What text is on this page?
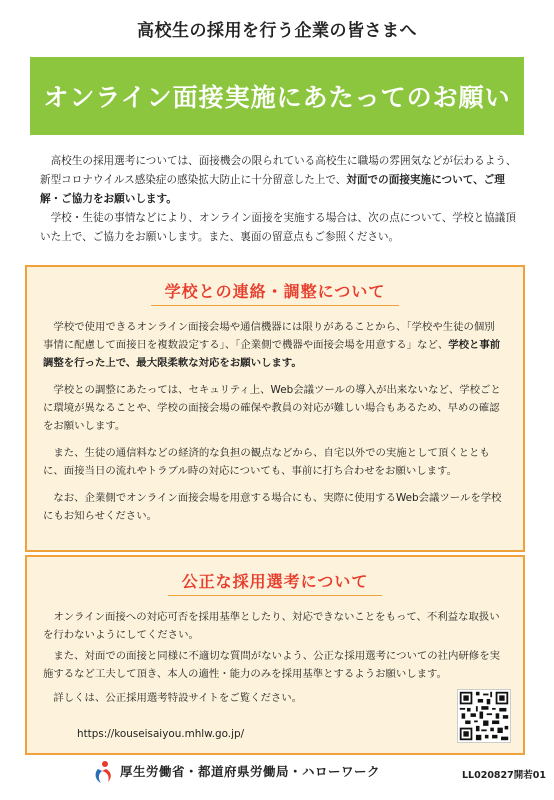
高校生の採用を行う企業の皆さまへ
オンライン面接実施にあたってのお願い

高校生の採用選考については、面接機会の限られている高校生に職場の雰囲気などが伝わるよう、新型コロナウイルス感染症の感染拡大防止に十分留意した上で、対面での面接実施について、ご理解・ご協力をお願いします。

学校・生徒の事情などにより、オンライン面接を実施する場合は、次の点について、学校と協議頂いた上で、ご協力をお願いします。また、裏面の留意点もご参照ください。

学校との連絡・調整について

学校で使用できるオンライン面接会場や通信機器には限りがあることから、「学校や生徒の個別事情に配慮して面接日を複数設定する」、「企業側で機器や面接会場を用意する」など、学校と事前調整を行った上で、最大限柔軟な対応をお願いします。

学校との調整にあたっては、セキュリティ上、Web会議ツールの導入が出来ないなど、学校ごとに環境が異なることや、学校の面接会場の確保や教員の対応が難しい場合もあるため、早めの確認をお願いします。

また、生徒の通信料などの経済的な負担の観点などから、自宅以外での実施として頂くとともに、面接当日の流れやトラブル時の対応についても、事前に打ち合わせをお願いします。

なお、企業側でオンライン面接会場を用意する場合にも、実際に使用するWeb会議ツールを学校にもお知らせください。

公正な採用選考について

オンライン面接への対応可否を採用基準としたり、対応できないことをもって、不利益な取扱いを行わないようにしてください。

また、対面での面接と同様に不適切な質問がないよう、公正な採用選考についての社内研修を実施するなど工夫して頂き、本人の適性・能力のみを採用基準とするようお願いします。

詳しくは、公正採用選考特設サイトをご覧ください。

https://kouseisaiyou.mhlw.go.jp/
厚生労働省・都道府県労働局・ハローワーク	LL020827開若01
